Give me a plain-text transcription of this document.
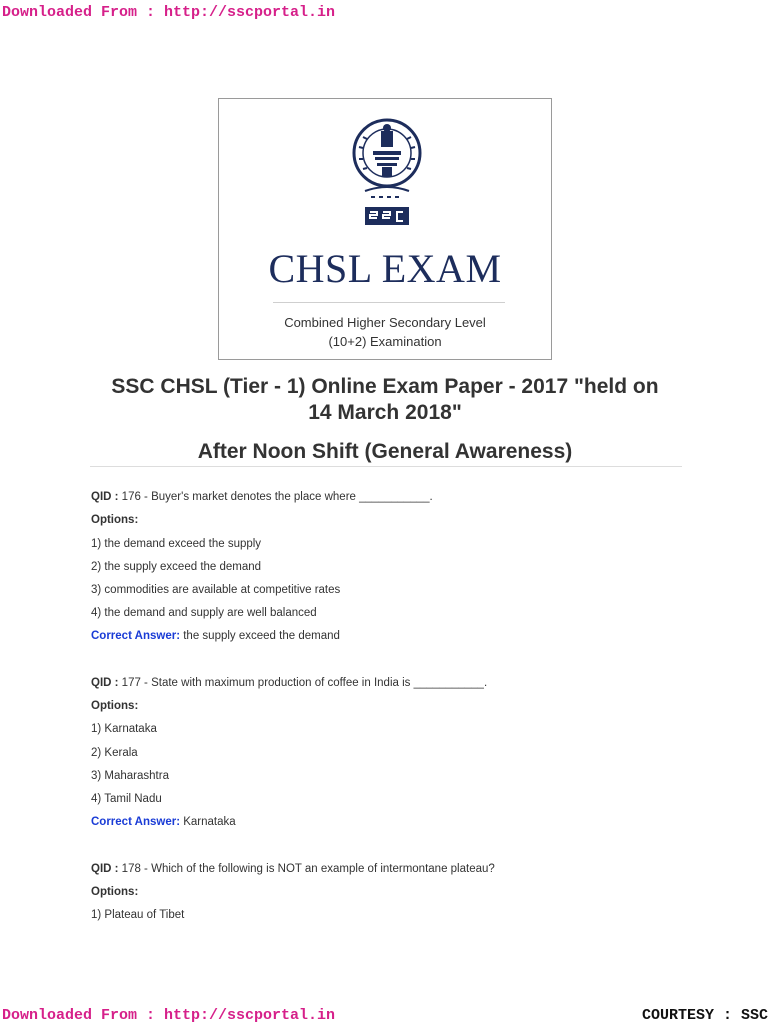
Downloaded From : http://sscportal.in
CHSL EXAM
Combined Higher Secondary Level
(10+2) Examination
SSC CHSL (Tier - 1) Online Exam Paper - 2017 "held on
14 March 2018"
After Noon Shift (General Awareness)
QID : 176 - Buyer's market denotes the place where ___________.
Options:
1) the demand exceed the supply
2) the supply exceed the demand
3) commodities are available at competitive rates
4) the demand and supply are well balanced
Correct Answer: the supply exceed the demand
QID : 177 - State with maximum production of coffee in India is ___________.
Options:
1) Karnataka
2) Kerala
3) Maharashtra
4) Tamil Nadu
Correct Answer: Karnataka
QID : 178 - Which of the following is NOT an example of intermontane plateau?
Options:
1) Plateau of Tibet
Downloaded From : http://sscportal.in	COURTESY : SSC
